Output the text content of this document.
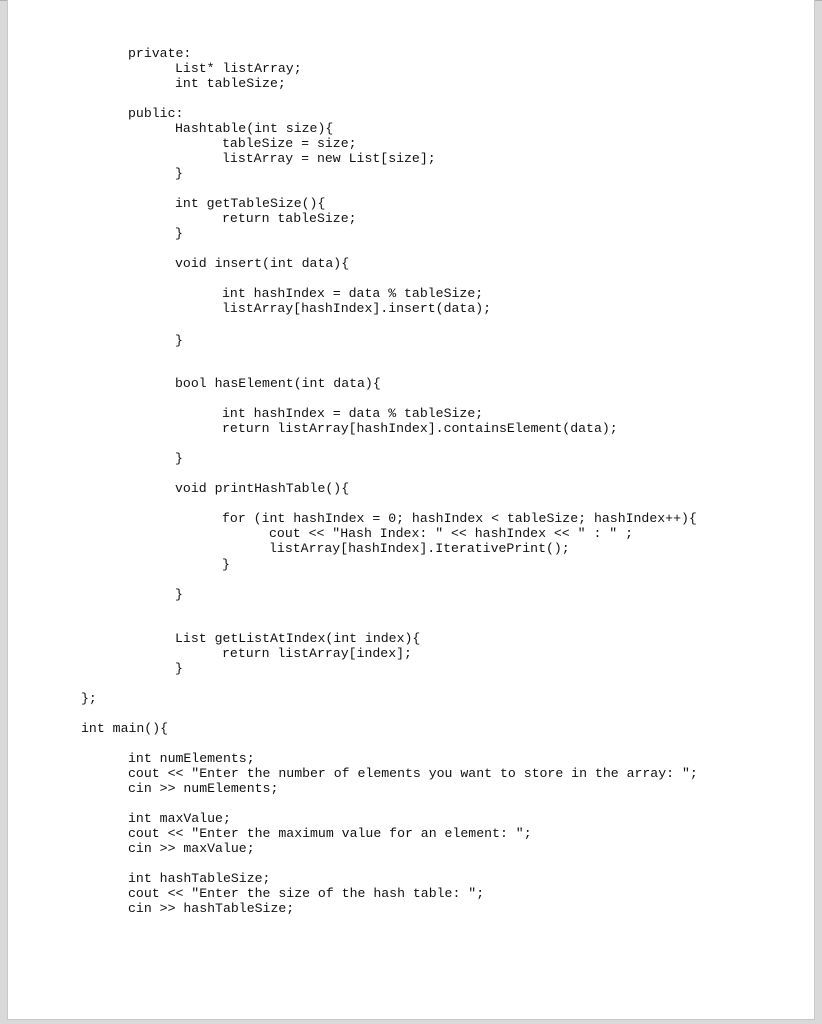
private:
List* listArray;
int tableSize;
public:
Hashtable(int size){
tableSize = size;
listArray = new List[size];
}
int getTableSize(){
return tableSize;
}
void insert(int data){
int hashIndex = data % tableSize;
listArray[hashIndex].insert(data);
}
bool hasElement(int data){
int hashIndex = data % tableSize;
return listArray[hashIndex].containsElement(data);
}
void printHashTable(){
for (int hashIndex = 0; hashIndex < tableSize; hashIndex++){
cout << "Hash Index: " << hashIndex << " : " ;
listArray[hashIndex].IterativePrint();
}
}
List getListAtIndex(int index){
return listArray[index];
}
};
int main(){
int numElements;
cout << "Enter the number of elements you want to store in the array: ";
cin >> numElements;
int maxValue;
cout << "Enter the maximum value for an element: ";
cin >> maxValue;
int hashTableSize;
cout << "Enter the size of the hash table: ";
cin >> hashTableSize;
